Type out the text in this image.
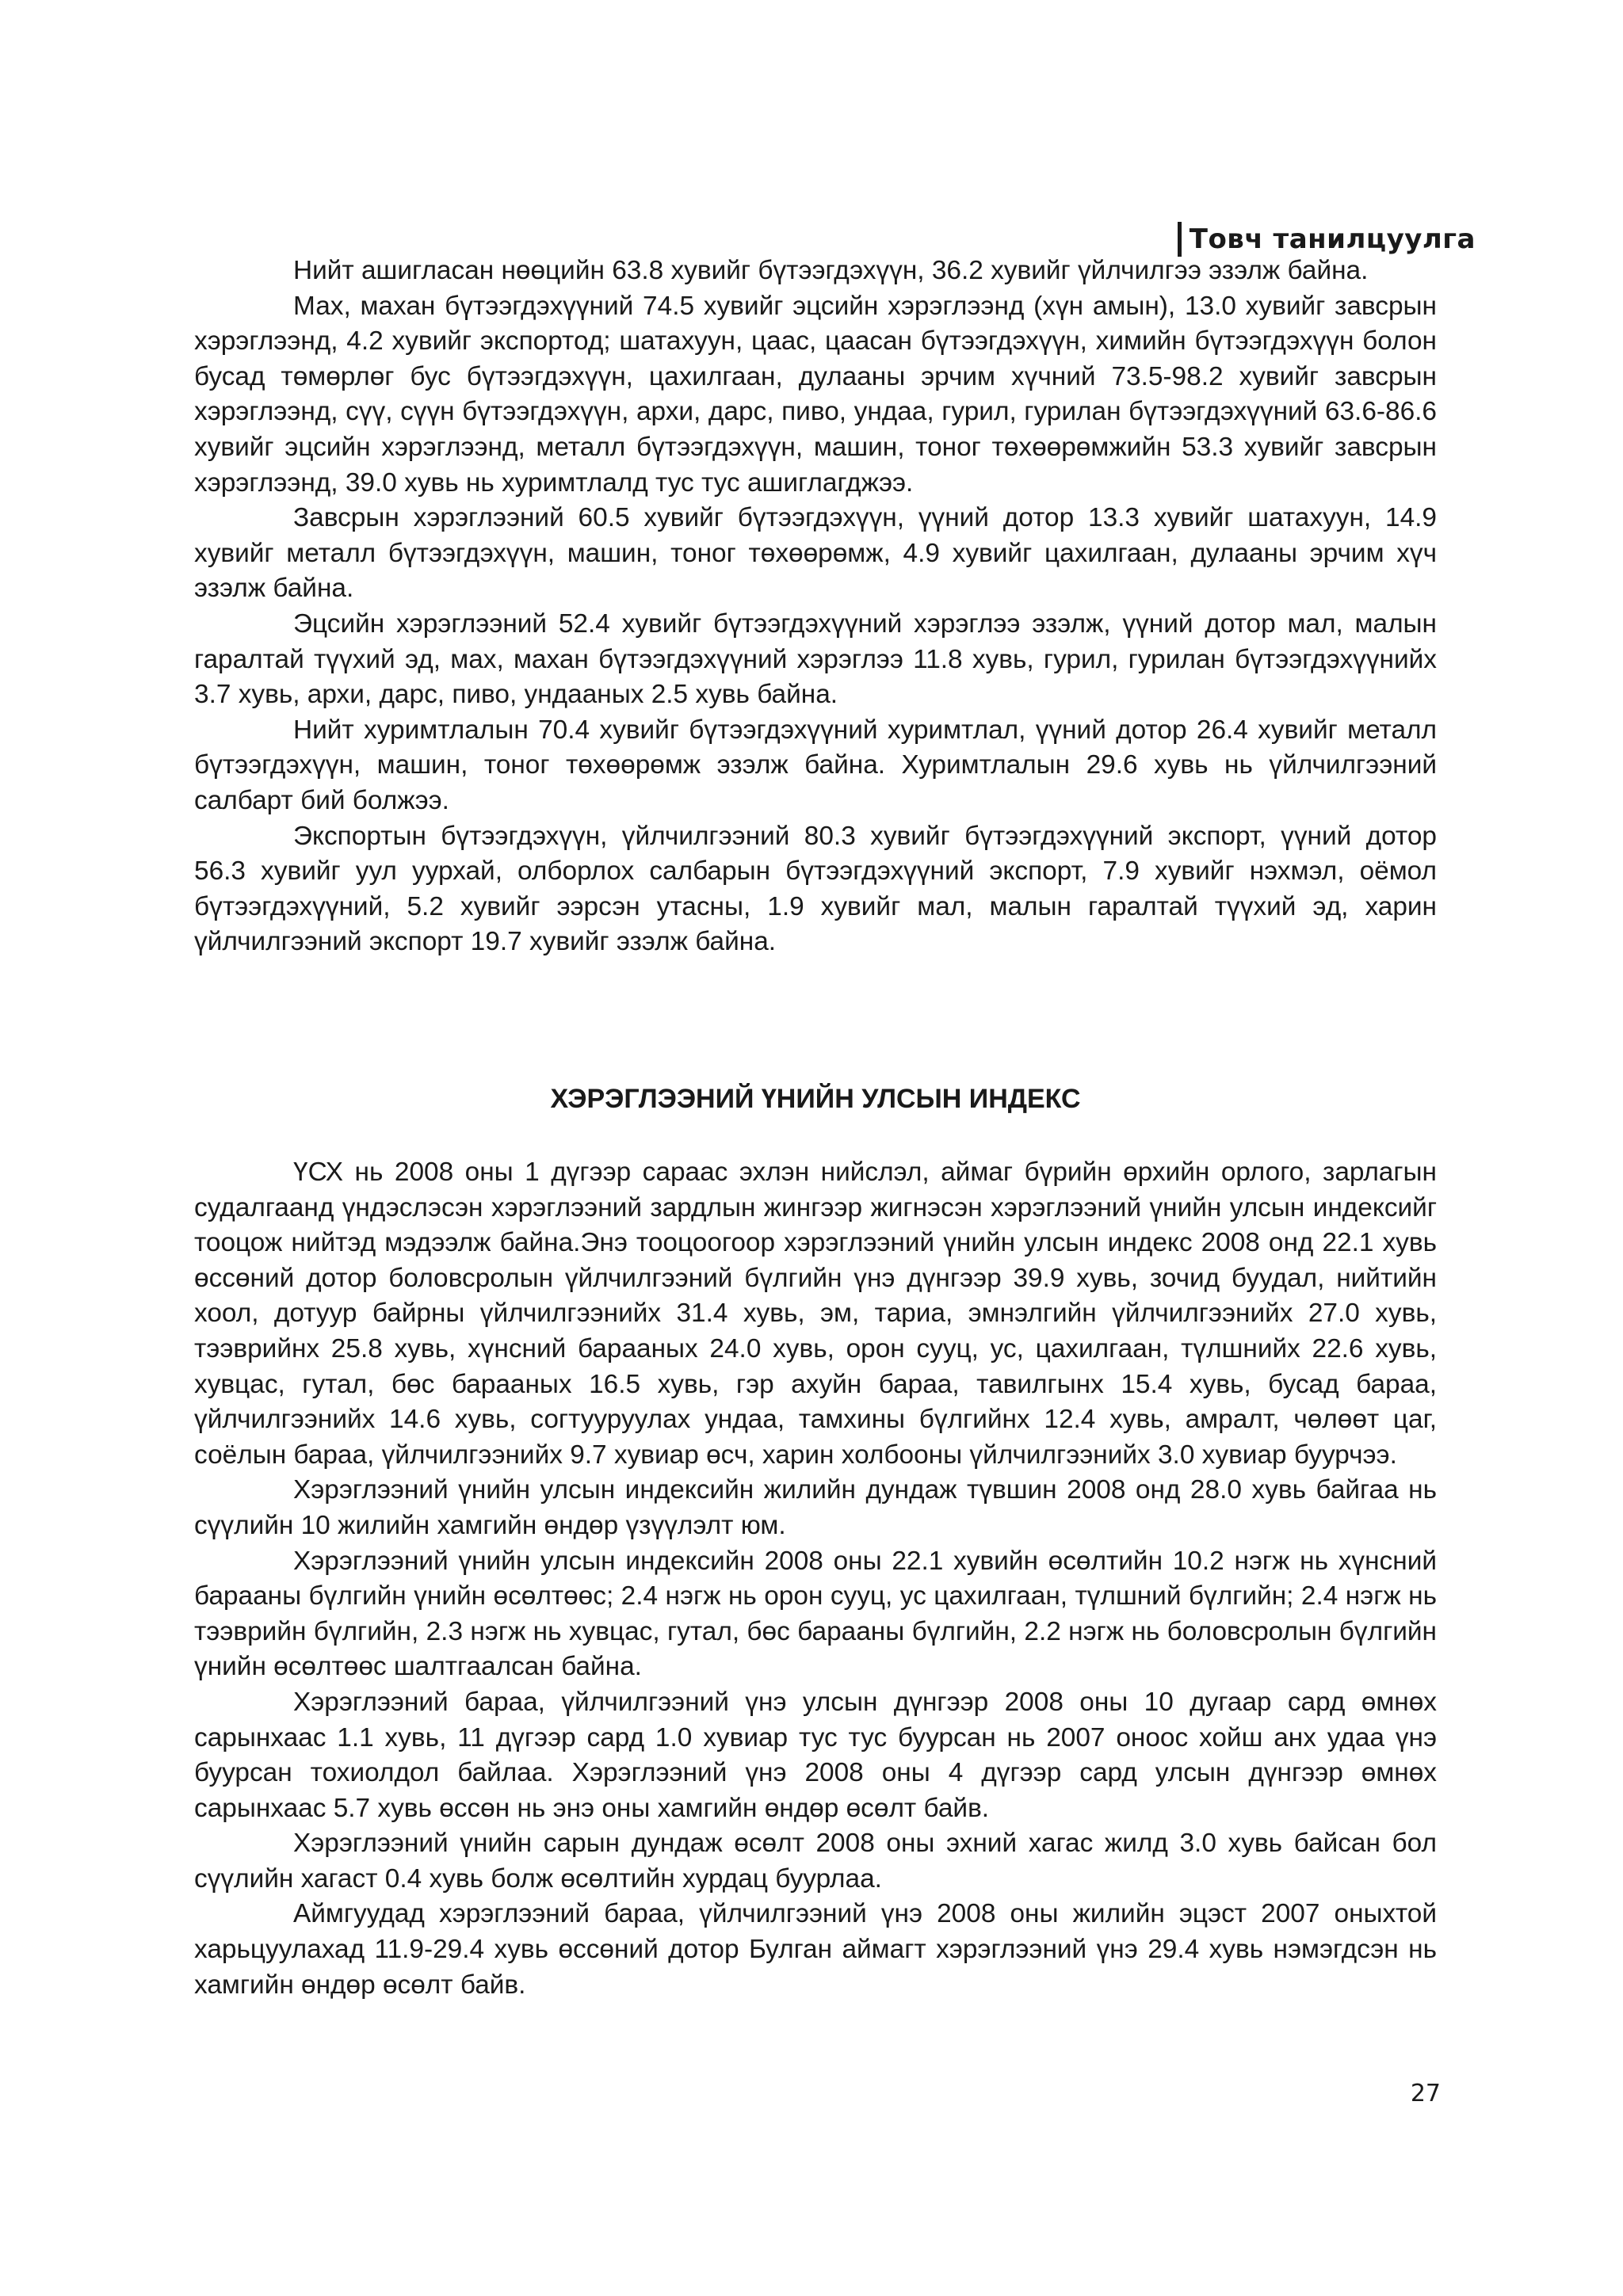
Товч танилцуулга

Нийт ашигласан нөөцийн 63.8 хувийг бүтээгдэхүүн, 36.2 хувийг үйлчилгээ эзэлж байна.

Мах, махан бүтээгдэхүүний 74.5 хувийг эцсийн хэрэглээнд (хүн амын), 13.0 хувийг завсрын хэрэглээнд, 4.2 хувийг экспортод; шатахуун, цаас, цаасан бүтээгдэхүүн, химийн бүтээгдэхүүн болон бусад төмөрлөг бус бүтээгдэхүүн, цахилгаан, дулааны эрчим хүчний 73.5-98.2 хувийг завсрын хэрэглээнд, сүү, сүүн бүтээгдэхүүн, архи, дарс, пиво, ундаа, гурил, гурилан бүтээгдэхүүний 63.6-86.6 хувийг эцсийн хэрэглээнд, металл бүтээгдэхүүн, машин, тоног төхөөрөмжийн 53.3 хувийг завсрын хэрэглээнд, 39.0 хувь нь хуримтлалд тус тус ашиглагджээ.

Завсрын хэрэглээний 60.5 хувийг бүтээгдэхүүн, үүний дотор 13.3 хувийг шатахуун, 14.9 хувийг металл бүтээгдэхүүн, машин, тоног төхөөрөмж, 4.9 хувийг цахилгаан, дулааны эрчим хүч эзэлж байна.

Эцсийн хэрэглээний 52.4 хувийг бүтээгдэхүүний хэрэглээ эзэлж, үүний дотор мал, малын гаралтай түүхий эд, мах, махан бүтээгдэхүүний хэрэглээ 11.8 хувь, гурил, гурилан бүтээгдэхүүнийх 3.7 хувь, архи, дарс, пиво, ундааных 2.5 хувь байна.

Нийт хуримтлалын 70.4 хувийг бүтээгдэхүүний хуримтлал, үүний дотор 26.4 хувийг металл бүтээгдэхүүн, машин, тоног төхөөрөмж эзэлж байна. Хуримтлалын 29.6 хувь нь үйлчилгээний салбарт бий болжээ.

Экспортын бүтээгдэхүүн, үйлчилгээний 80.3 хувийг бүтээгдэхүүний экспорт, үүний дотор 56.3 хувийг уул уурхай, олборлох салбарын бүтээгдэхүүний экспорт, 7.9 хувийг нэхмэл, оёмол бүтээгдэхүүний, 5.2 хувийг ээрсэн утасны, 1.9 хувийг мал, малын гаралтай түүхий эд, харин үйлчилгээний экспорт 19.7 хувийг эзэлж байна.

ХЭРЭГЛЭЭНИЙ ҮНИЙН УЛСЫН ИНДЕКС

ҮСХ нь 2008 оны 1 дүгээр сараас эхлэн нийслэл, аймаг бүрийн өрхийн орлого, зарлагын судалгаанд үндэслэсэн хэрэглээний зардлын жингээр жигнэсэн хэрэглээний үнийн улсын индексийг тооцож нийтэд мэдээлж байна.Энэ тооцоогоор хэрэглээний үнийн улсын индекс 2008 онд 22.1 хувь өссөний дотор боловсролын үйлчилгээний бүлгийн үнэ дүнгээр 39.9 хувь, зочид буудал, нийтийн хоол, дотуур байрны үйлчилгээнийх 31.4 хувь, эм, тариа, эмнэлгийн үйлчилгээнийх 27.0 хувь, тээврийнх 25.8 хувь, хүнсний барааных 24.0 хувь, орон сууц, ус, цахилгаан, түлшнийх 22.6 хувь, хувцас, гутал, бөс барааных 16.5 хувь, гэр ахуйн бараа, тавилгынх 15.4 хувь, бусад бараа, үйлчилгээнийх 14.6 хувь, согтууруулах ундаа, тамхины бүлгийнх 12.4 хувь, амралт, чөлөөт цаг, соёлын бараа, үйлчилгээнийх 9.7 хувиар өсч, харин холбооны үйлчилгээнийх 3.0 хувиар буурчээ.

Хэрэглээний үнийн улсын индексийн жилийн дундаж түвшин 2008 онд 28.0 хувь байгаа нь сүүлийн 10 жилийн хамгийн өндөр үзүүлэлт юм.

Хэрэглээний үнийн улсын индексийн 2008 оны 22.1 хувийн өсөлтийн 10.2 нэгж нь хүнсний барааны бүлгийн үнийн өсөлтөөс; 2.4 нэгж нь орон сууц, ус цахилгаан, түлшний бүлгийн; 2.4 нэгж нь тээврийн бүлгийн, 2.3 нэгж нь хувцас, гутал, бөс барааны бүлгийн, 2.2 нэгж нь боловсролын бүлгийн үнийн өсөлтөөс шалтгаалсан байна.

Хэрэглээний бараа, үйлчилгээний үнэ улсын дүнгээр 2008 оны 10 дугаар сард өмнөх сарынхаас 1.1 хувь, 11 дүгээр сард 1.0 хувиар тус тус буурсан нь 2007 оноос хойш анх удаа үнэ буурсан тохиолдол байлаа. Хэрэглээний үнэ 2008 оны 4 дүгээр сард улсын дүнгээр өмнөх сарынхаас 5.7 хувь өссөн нь энэ оны хамгийн өндөр өсөлт байв.

Хэрэглээний үнийн сарын дундаж өсөлт 2008 оны эхний хагас жилд 3.0 хувь байсан бол сүүлийн хагаст 0.4 хувь болж өсөлтийн хурдац буурлаа.

Аймгуудад хэрэглээний бараа, үйлчилгээний үнэ 2008 оны жилийн эцэст 2007 оныхтой харьцуулахад 11.9-29.4 хувь өссөний дотор Булган аймагт хэрэглээний үнэ 29.4 хувь нэмэгдсэн нь хамгийн өндөр өсөлт байв.

27
